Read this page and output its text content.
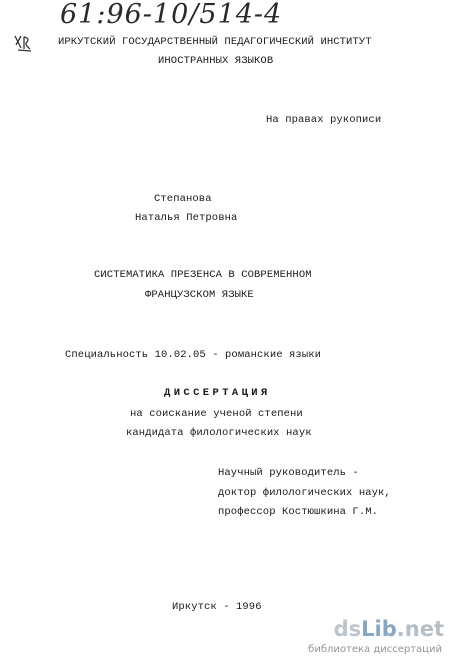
61:96-10/514-4
ИРКУТСКИЙ ГОСУДАРСТВЕННЫЙ ПЕДАГОГИЧЕСКИЙ ИНСТИТУТ
ИНОСТРАННЫХ ЯЗЫКОВ
На правах рукописи
Степанова
Наталья Петровна
СИСТЕМАТИКА ПРЕЗЕНСА В СОВРЕМЕННОМ
ФРАНЦУЗСКОМ ЯЗЫКЕ
Специальность 10.02.05 - романские языки
ДИССЕРТАЦИЯ
на соискание ученой степени
кандидата филологических наук
Научный руководитель -
доктор филологических наук,
профессор Костюшкина Г.М.
Иркутск - 1996
dsLib.net
библиотека диссертаций
